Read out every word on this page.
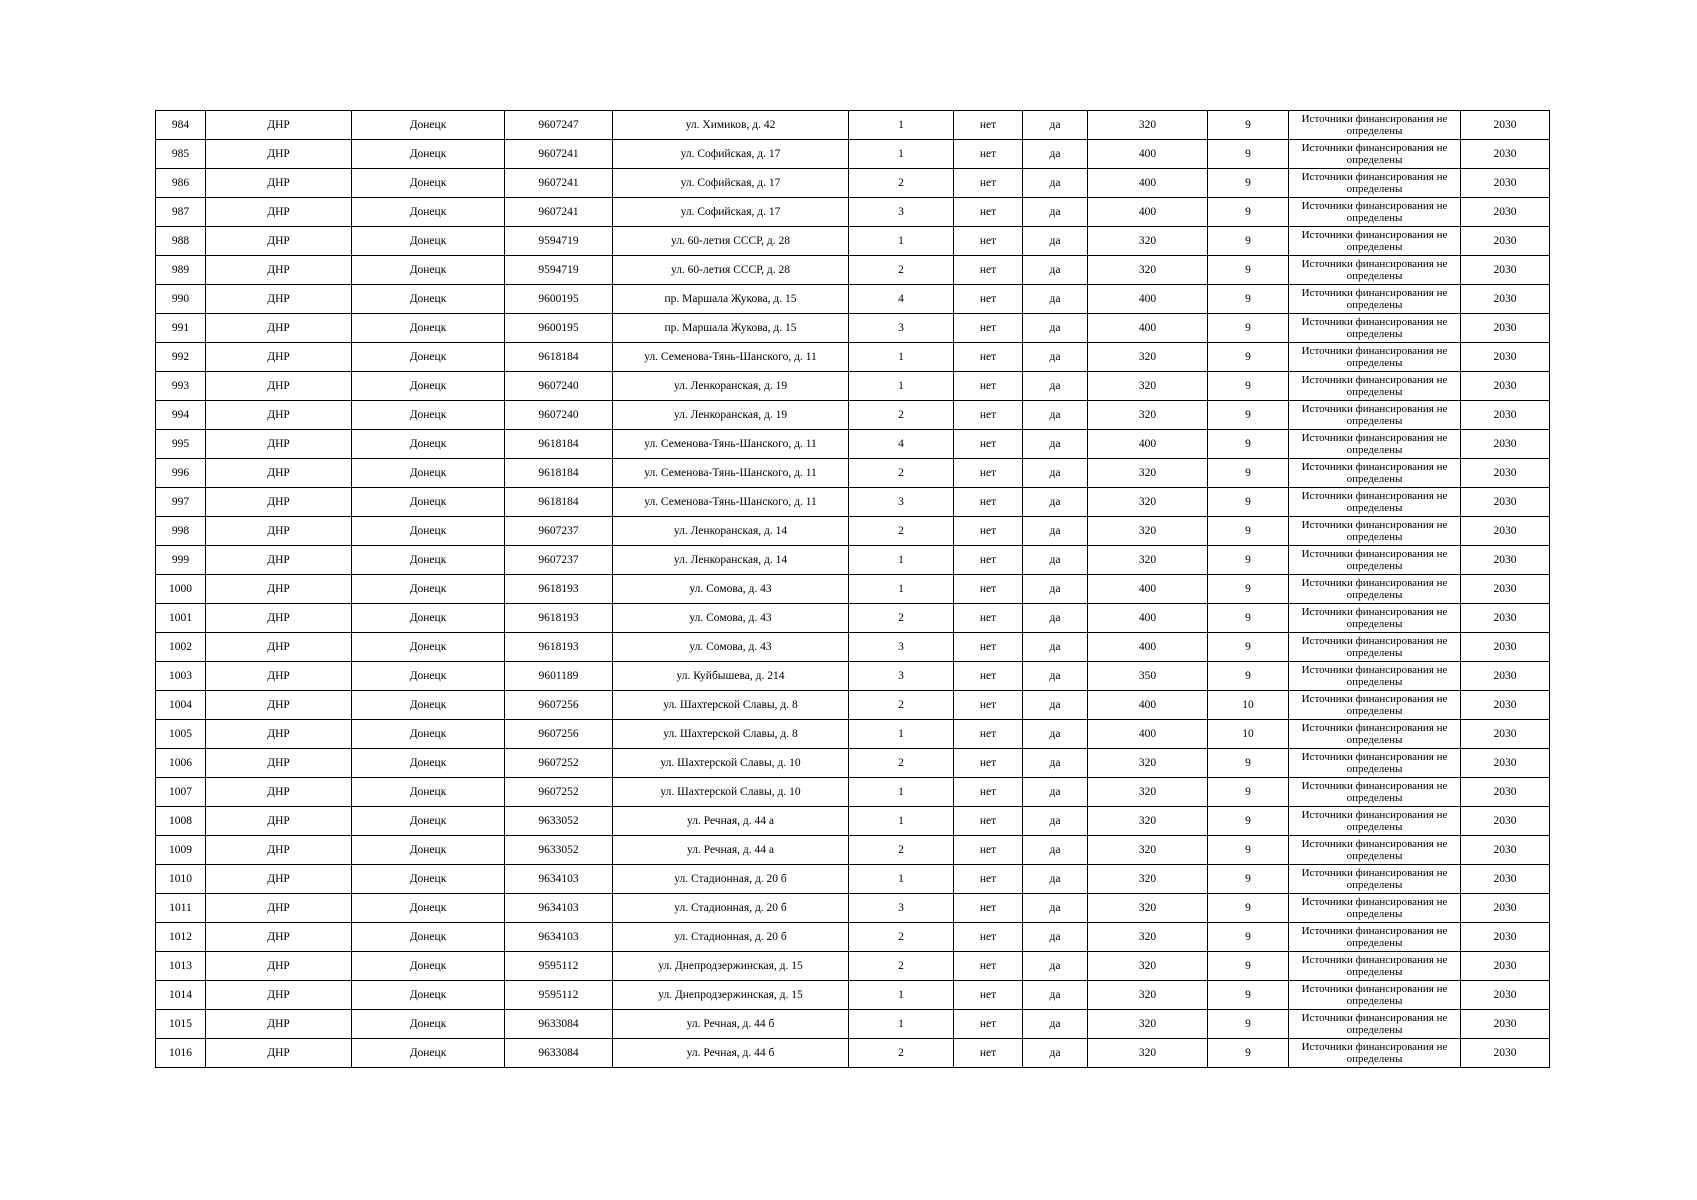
984	ДНР	Донецк	9607247	ул. Химиков, д. 42	1	нет	да	320	9	Источники финансирования не определены	2030
985	ДНР	Донецк	9607241	ул. Софийская, д. 17	1	нет	да	400	9	Источники финансирования не определены	2030
986	ДНР	Донецк	9607241	ул. Софийская, д. 17	2	нет	да	400	9	Источники финансирования не определены	2030
987	ДНР	Донецк	9607241	ул. Софийская, д. 17	3	нет	да	400	9	Источники финансирования не определены	2030
988	ДНР	Донецк	9594719	ул. 60-летия СССР, д. 28	1	нет	да	320	9	Источники финансирования не определены	2030
989	ДНР	Донецк	9594719	ул. 60-летия СССР, д. 28	2	нет	да	320	9	Источники финансирования не определены	2030
990	ДНР	Донецк	9600195	пр. Маршала Жукова, д. 15	4	нет	да	400	9	Источники финансирования не определены	2030
991	ДНР	Донецк	9600195	пр. Маршала Жукова, д. 15	3	нет	да	400	9	Источники финансирования не определены	2030
992	ДНР	Донецк	9618184	ул. Семенова-Тянь-Шанского, д. 11	1	нет	да	320	9	Источники финансирования не определены	2030
993	ДНР	Донецк	9607240	ул. Ленкоранская, д. 19	1	нет	да	320	9	Источники финансирования не определены	2030
994	ДНР	Донецк	9607240	ул. Ленкоранская, д. 19	2	нет	да	320	9	Источники финансирования не определены	2030
995	ДНР	Донецк	9618184	ул. Семенова-Тянь-Шанского, д. 11	4	нет	да	400	9	Источники финансирования не определены	2030
996	ДНР	Донецк	9618184	ул. Семенова-Тянь-Шанского, д. 11	2	нет	да	320	9	Источники финансирования не определены	2030
997	ДНР	Донецк	9618184	ул. Семенова-Тянь-Шанского, д. 11	3	нет	да	320	9	Источники финансирования не определены	2030
998	ДНР	Донецк	9607237	ул. Ленкоранская, д. 14	2	нет	да	320	9	Источники финансирования не определены	2030
999	ДНР	Донецк	9607237	ул. Ленкоранская, д. 14	1	нет	да	320	9	Источники финансирования не определены	2030
1000	ДНР	Донецк	9618193	ул. Сомова, д. 43	1	нет	да	400	9	Источники финансирования не определены	2030
1001	ДНР	Донецк	9618193	ул. Сомова, д. 43	2	нет	да	400	9	Источники финансирования не определены	2030
1002	ДНР	Донецк	9618193	ул. Сомова, д. 43	3	нет	да	400	9	Источники финансирования не определены	2030
1003	ДНР	Донецк	9601189	ул. Куйбышева, д. 214	3	нет	да	350	9	Источники финансирования не определены	2030
1004	ДНР	Донецк	9607256	ул. Шахтерской Славы, д. 8	2	нет	да	400	10	Источники финансирования не определены	2030
1005	ДНР	Донецк	9607256	ул. Шахтерской Славы, д. 8	1	нет	да	400	10	Источники финансирования не определены	2030
1006	ДНР	Донецк	9607252	ул. Шахтерской Славы, д. 10	2	нет	да	320	9	Источники финансирования не определены	2030
1007	ДНР	Донецк	9607252	ул. Шахтерской Славы, д. 10	1	нет	да	320	9	Источники финансирования не определены	2030
1008	ДНР	Донецк	9633052	ул. Речная, д. 44 а	1	нет	да	320	9	Источники финансирования не определены	2030
1009	ДНР	Донецк	9633052	ул. Речная, д. 44 а	2	нет	да	320	9	Источники финансирования не определены	2030
1010	ДНР	Донецк	9634103	ул. Стадионная, д. 20 б	1	нет	да	320	9	Источники финансирования не определены	2030
1011	ДНР	Донецк	9634103	ул. Стадионная, д. 20 б	3	нет	да	320	9	Источники финансирования не определены	2030
1012	ДНР	Донецк	9634103	ул. Стадионная, д. 20 б	2	нет	да	320	9	Источники финансирования не определены	2030
1013	ДНР	Донецк	9595112	ул. Днепродзержинская, д. 15	2	нет	да	320	9	Источники финансирования не определены	2030
1014	ДНР	Донецк	9595112	ул. Днепродзержинская, д. 15	1	нет	да	320	9	Источники финансирования не определены	2030
1015	ДНР	Донецк	9633084	ул. Речная, д. 44 б	1	нет	да	320	9	Источники финансирования не определены	2030
1016	ДНР	Донецк	9633084	ул. Речная, д. 44 б	2	нет	да	320	9	Источники финансирования не определены	2030
